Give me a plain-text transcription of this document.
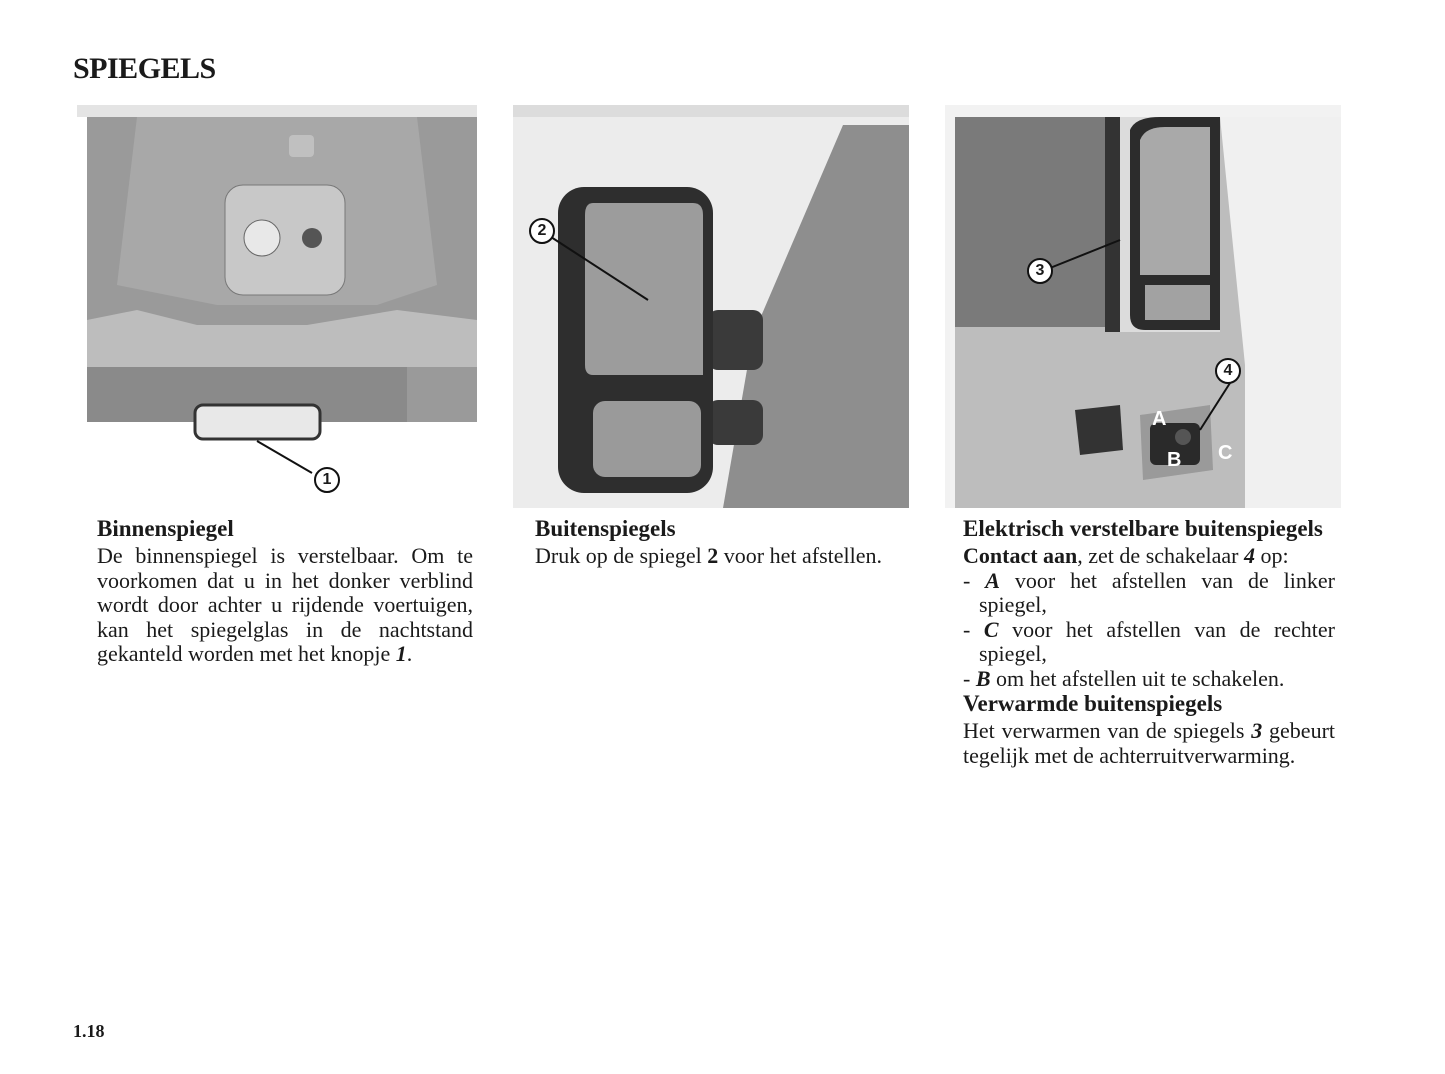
SPIEGELS
1
2
3
4
A
B C
Binnenspiegel

De binnenspiegel is verstelbaar. Om te voorkomen dat u in het donker verblind wordt door achter u rijdende voertuigen, kan het spiegelglas in de nachtstand gekanteld worden met het knopje 1.

Buitenspiegels

Druk op de spiegel 2 voor het afstellen.

Elektrisch verstelbare buitenspiegels

Contact aan, zet de schakelaar 4 op:

- A voor het afstellen van de linker spiegel,

- C voor het afstellen van de rechter spiegel,

- B om het afstellen uit te schakelen.

Verwarmde buitenspiegels

Het verwarmen van de spiegels 3 gebeurt tegelijk met de achterruitverwarming.

1.18
